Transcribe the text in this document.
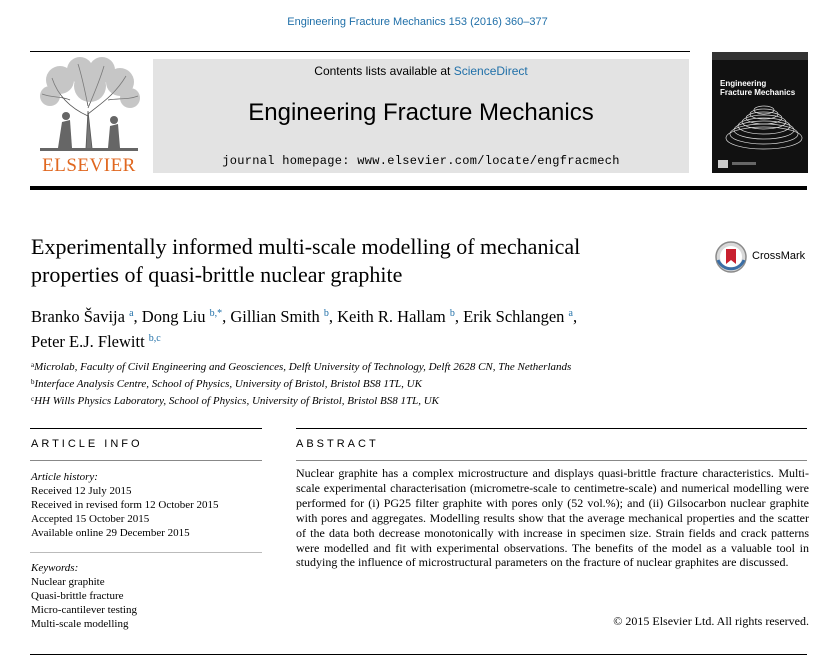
Engineering Fracture Mechanics 153 (2016) 360–377
ELSEVIER
Contents lists available at ScienceDirect
Engineering Fracture Mechanics
journal homepage: www.elsevier.com/locate/engfracmech
Engineering
Fracture Mechanics
Experimentally informed multi-scale modelling of mechanical
properties of quasi-brittle nuclear graphite
CrossMark
Branko Šavija $^a$, Dong Liu $^{b,*}$, Gillian Smith $^b$, Keith R. Hallam $^b$, Erik Schlangen $^a$,
Peter E.J. Flewitt $^{b,c}$
$^a$Microlab, Faculty of Civil Engineering and Geosciences, Delft University of Technology, Delft 2628 CN, The Netherlands
$^b$Interface Analysis Centre, School of Physics, University of Bristol, Bristol BS8 1TL, UK
$^c$HH Wills Physics Laboratory, School of Physics, University of Bristol, Bristol BS8 1TL, UK
ARTICLE INFO	ABSTRACT
Article history:
Received 12 July 2015
Received in revised form 12 October 2015
Accepted 15 October 2015
Available online 29 December 2015
Keywords:
Nuclear graphite
Quasi-brittle fracture
Micro-cantilever testing
Multi-scale modelling
Nuclear graphite has a complex microstructure and displays quasi-brittle fracture characteristics. Multi-scale experimental characterisation (micrometre-scale to centimetre-scale) and numerical modelling were performed for (i) PG25 filter graphite with pores only (52 vol.%); and (ii) Gilsocarbon nuclear graphite with pores and aggregates. Modelling results show that the average mechanical properties and the scatter of the data both decrease monotonically with increase in specimen size. Strain fields and crack patterns were modelled and fit with experimental observations. The benefits of the model as a valuable tool in studying the influence of microstructural parameters on the fracture of nuclear graphites are discussed.
© 2015 Elsevier Ltd. All rights reserved.
